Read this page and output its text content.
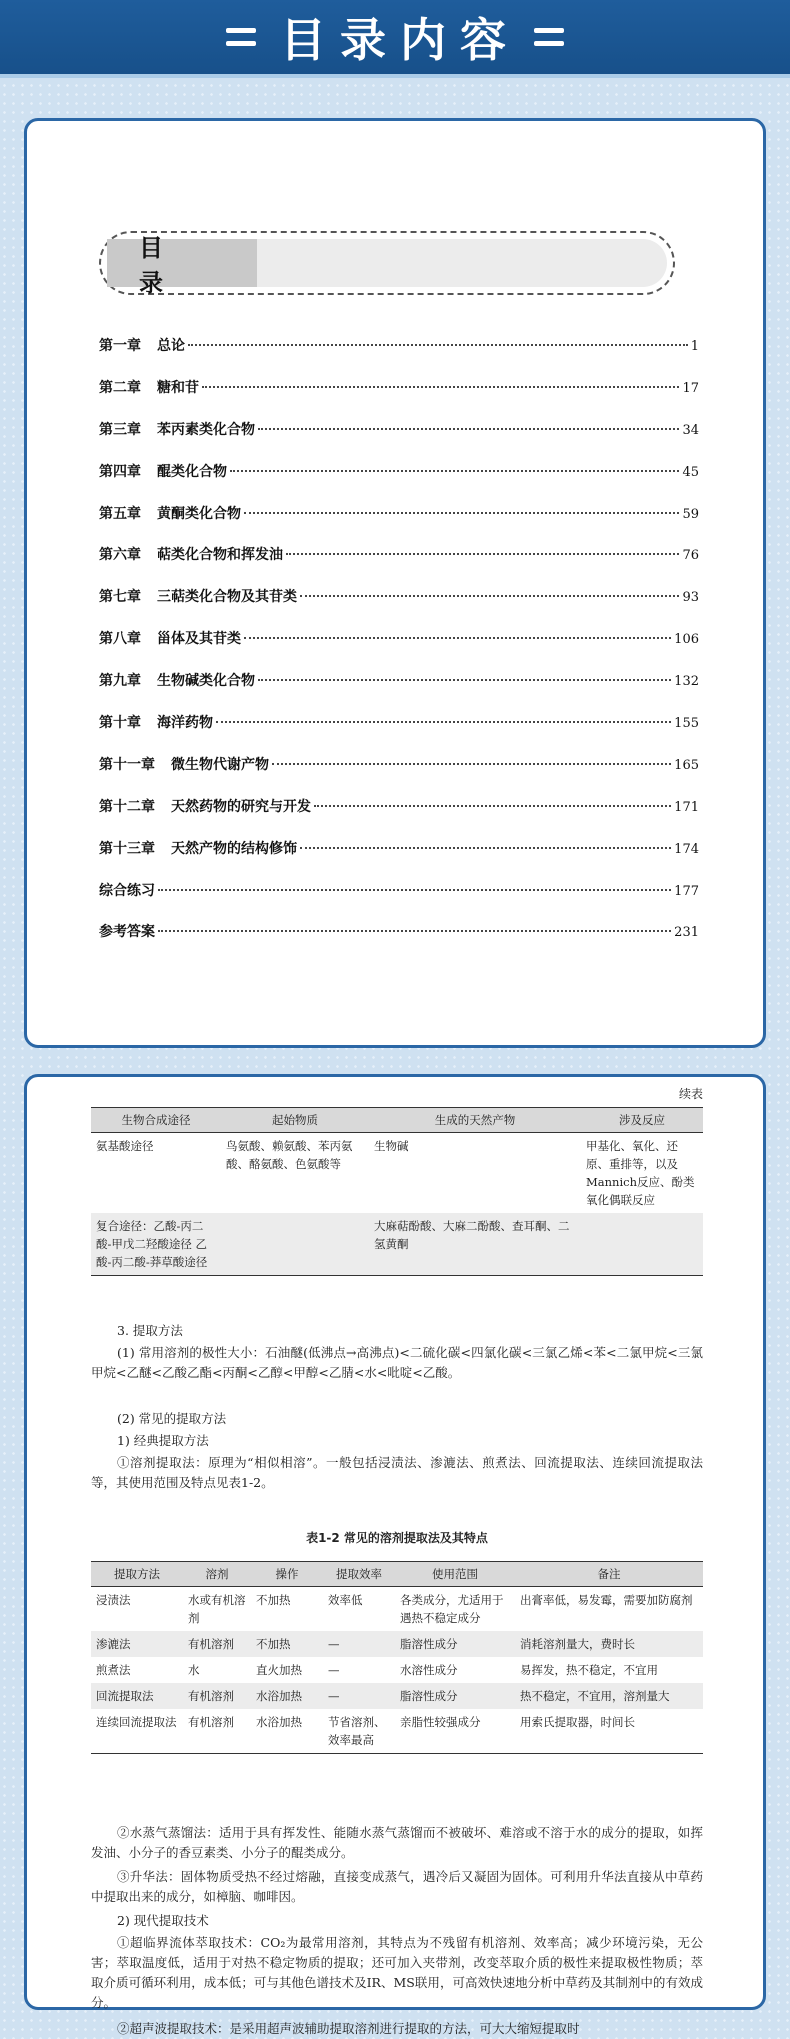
目录内容
目 录
第一章 总论	1
第二章 糖和苷	17
第三章 苯丙素类化合物	34
第四章 醌类化合物	45
第五章 黄酮类化合物	59
第六章 萜类化合物和挥发油	76
第七章 三萜类化合物及其苷类	93
第八章 甾体及其苷类	106
第九章 生物碱类化合物	132
第十章 海洋药物	155
第十一章 微生物代谢产物	165
第十二章 天然药物的研究与开发	171
第十三章 天然产物的结构修饰	174
综合练习	177
参考答案	231
续表
生物合成途径	起始物质	生成的天然产物	涉及反应
氨基酸途径	鸟氨酸、赖氨酸、苯丙氨酸、酪氨酸、色氨酸等	生物碱	甲基化、氧化、还原、重排等，以及Mannich反应、酚类氧化偶联反应
复合途径：乙酸-丙二酸-甲戊二羟酸途径 乙酸-丙二酸-莽草酸途径		大麻萜酚酸、大麻二酚酸、查耳酮、二氢黄酮	
3. 提取方法
(1) 常用溶剂的极性大小：石油醚(低沸点→高沸点)<二硫化碳<四氯化碳<三氯乙烯<苯<二氯甲烷<三氯甲烷<乙醚<乙酸乙酯<丙酮<乙醇<甲醇<乙腈<水<吡啶<乙酸。
(2) 常见的提取方法
1) 经典提取方法
①溶剂提取法：原理为“相似相溶”。一般包括浸渍法、渗漉法、煎煮法、回流提取法、连续回流提取法等，其使用范围及特点见表1-2。
表1-2 常见的溶剂提取法及其特点
提取方法	溶剂	操作	提取效率	使用范围	备注
浸渍法	水或有机溶剂	不加热	效率低	各类成分，尤适用于遇热不稳定成分	出膏率低，易发霉，需要加防腐剂
渗漉法	有机溶剂	不加热	—	脂溶性成分	消耗溶剂量大，费时长
煎煮法	水	直火加热	—	水溶性成分	易挥发，热不稳定，不宜用
回流提取法	有机溶剂	水浴加热	—	脂溶性成分	热不稳定，不宜用，溶剂量大
连续回流提取法	有机溶剂	水浴加热	节省溶剂、效率最高	亲脂性较强成分	用索氏提取器，时间长
②水蒸气蒸馏法：适用于具有挥发性、能随水蒸气蒸馏而不被破坏、难溶或不溶于水的成分的提取，如挥发油、小分子的香豆素类、小分子的醌类成分。
③升华法：固体物质受热不经过熔融，直接变成蒸气，遇冷后又凝固为固体。可利用升华法直接从中草药中提取出来的成分，如樟脑、咖啡因。
2) 现代提取技术
①超临界流体萃取技术：CO₂为最常用溶剂，其特点为不残留有机溶剂、效率高；减少环境污染，无公害；萃取温度低，适用于对热不稳定物质的提取；还可加入夹带剂，改变萃取介质的极性来提取极性物质；萃取介质可循环利用，成本低；可与其他色谱技术及IR、MS联用，可高效快速地分析中草药及其制剂中的有效成分。
②超声波提取技术：是采用超声波辅助提取溶剂进行提取的方法，可大大缩短提取时
